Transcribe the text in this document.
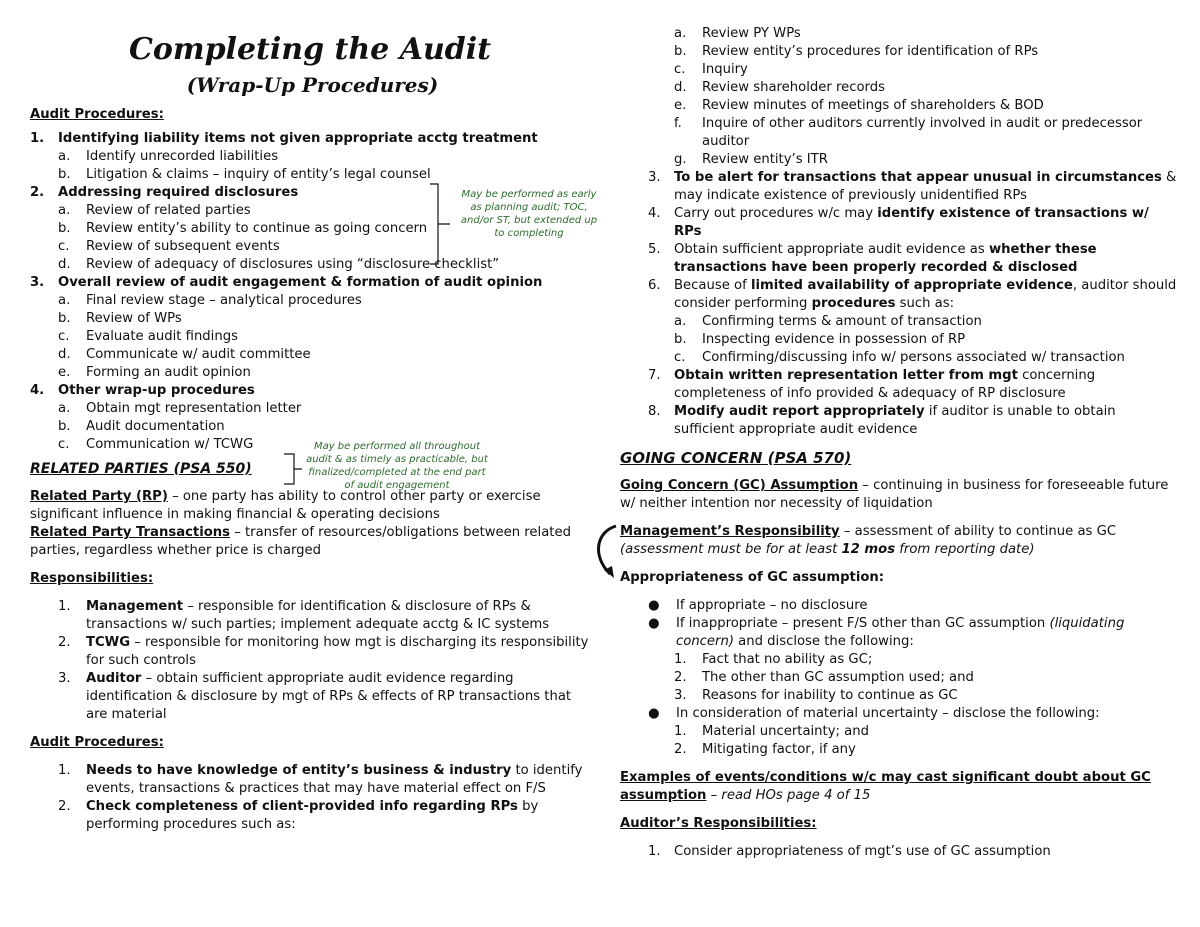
Completing the Audit
(Wrap-Up Procedures)
Audit Procedures:
1. Identifying liability items not given appropriate acctg treatment
a. Identify unrecorded liabilities
b. Litigation & claims – inquiry of entity’s legal counsel
2. Addressing required disclosures
a. Review of related parties
b. Review entity’s ability to continue as going concern
c. Review of subsequent events
d. Review of adequacy of disclosures using “disclosure checklist”
3. Overall review of audit engagement & formation of audit opinion
a. Final review stage – analytical procedures
b. Review of WPs
c. Evaluate audit findings
d. Communicate w/ audit committee
e. Forming an audit opinion
4. Other wrap-up procedures
a. Obtain mgt representation letter
b. Audit documentation
c. Communication w/ TCWG
RELATED PARTIES (PSA 550)
Related Party (RP) – one party has ability to control other party or exercise significant influence in making financial & operating decisions
Related Party Transactions – transfer of resources/obligations between related parties, regardless whether price is charged
Responsibilities:
1. Management – responsible for identification & disclosure of RPs & transactions w/ such parties; implement adequate acctg & IC systems
2. TCWG – responsible for monitoring how mgt is discharging its responsibility for such controls
3. Auditor – obtain sufficient appropriate audit evidence regarding identification & disclosure by mgt of RPs & effects of RP transactions that are material
Audit Procedures:
1. Needs to have knowledge of entity’s business & industry to identify events, transactions & practices that may have material effect on F/S
2. Check completeness of client-provided info regarding RPs by performing procedures such as:
May be performed as early as planning audit; TOC, and/or ST, but extended up to completing
May be performed all throughout audit & as timely as practicable, but finalized/completed at the end part of audit engagement
a. Review PY WPs
b. Review entity’s procedures for identification of RPs
c. Inquiry
d. Review shareholder records
e. Review minutes of meetings of shareholders & BOD
f. Inquire of other auditors currently involved in audit or predecessor auditor
g. Review entity’s ITR
3. To be alert for transactions that appear unusual in circumstances & may indicate existence of previously unidentified RPs
4. Carry out procedures w/c may identify existence of transactions w/ RPs
5. Obtain sufficient appropriate audit evidence as whether these transactions have been properly recorded & disclosed
6. Because of limited availability of appropriate evidence, auditor should consider performing procedures such as:
a. Confirming terms & amount of transaction
b. Inspecting evidence in possession of RP
c. Confirming/discussing info w/ persons associated w/ transaction
7. Obtain written representation letter from mgt concerning completeness of info provided & adequacy of RP disclosure
8. Modify audit report appropriately if auditor is unable to obtain sufficient appropriate audit evidence
GOING CONCERN (PSA 570)
Going Concern (GC) Assumption – continuing in business for foreseeable future w/ neither intention nor necessity of liquidation
Management’s Responsibility – assessment of ability to continue as GC
(assessment must be for at least 12 mos from reporting date)
Appropriateness of GC assumption:
● If appropriate – no disclosure
● If inappropriate – present F/S other than GC assumption (liquidating concern) and disclose the following:
1. Fact that no ability as GC;
2. The other than GC assumption used; and
3. Reasons for inability to continue as GC
● In consideration of material uncertainty – disclose the following:
1. Material uncertainty; and
2. Mitigating factor, if any
Examples of events/conditions w/c may cast significant doubt about GC assumption – read HOs page 4 of 15
Auditor’s Responsibilities:
1. Consider appropriateness of mgt’s use of GC assumption
